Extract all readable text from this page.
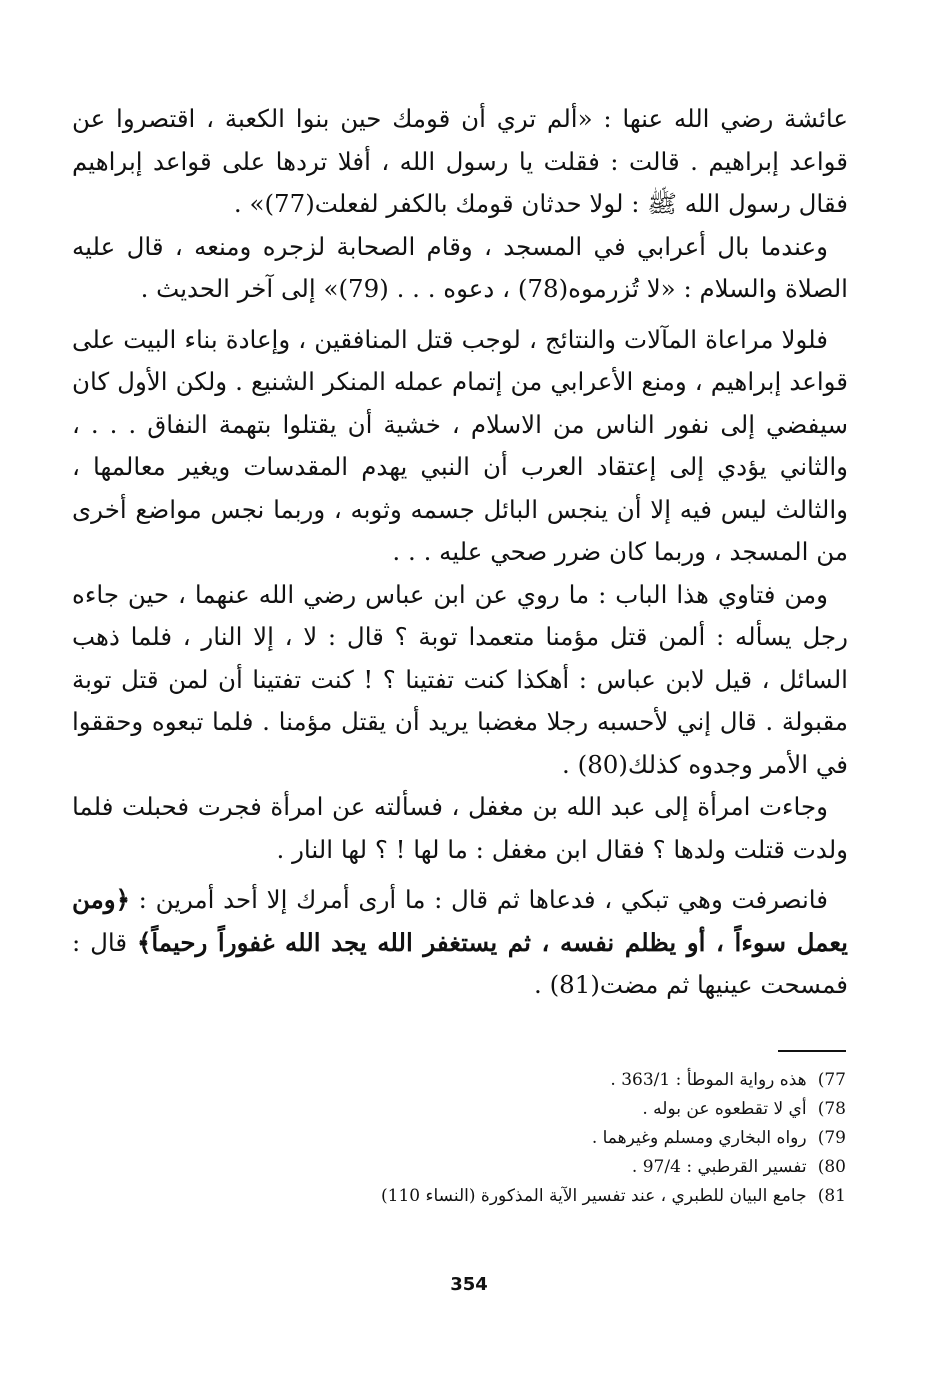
عائشة رضي الله عنها : «ألم تري أن قومك حين بنوا الكعبة ، اقتصروا عن قواعد إبراهيم . قالت : فقلت يا رسول الله ، أفلا تردها على قواعد إبراهيم فقال رسول الله ﷺ : لولا حدثان قومك بالكفر لفعلت(77)» .

وعندما بال أعرابي في المسجد ، وقام الصحابة لزجره ومنعه ، قال عليه الصلاة والسلام : «لا تُزرموه(78) ، دعوه . . . (79)» إلى آخر الحديث .

فلولا مراعاة المآلات والنتائج ، لوجب قتل المنافقين ، وإعادة بناء البيت على قواعد إبراهيم ، ومنع الأعرابي من إتمام عمله المنكر الشنيع . ولكن الأول كان سيفضي إلى نفور الناس من الاسلام ، خشية أن يقتلوا بتهمة النفاق . . . ، والثاني يؤدي إلى إعتقاد العرب أن النبي يهدم المقدسات ويغير معالمها ، والثالث ليس فيه إلا أن ينجس البائل جسمه وثوبه ، وربما نجس مواضع أخرى من المسجد ، وربما كان ضرر صحي عليه . . .

ومن فتاوي هذا الباب : ما روي عن ابن عباس رضي الله عنهما ، حين جاءه رجل يسأله : ألمن قتل مؤمنا متعمدا توبة ؟ قال : لا ، إلا النار ، فلما ذهب السائل ، قيل لابن عباس : أهكذا كنت تفتينا ؟ ! كنت تفتينا أن لمن قتل توبة مقبولة . قال إني لأحسبه رجلا مغضبا يريد أن يقتل مؤمنا . فلما تبعوه وحققوا في الأمر وجدوه كذلك(80) .

وجاءت امرأة إلى عبد الله بن مغفل ، فسألته عن امرأة فجرت فحبلت فلما ولدت قتلت ولدها ؟ فقال ابن مغفل : ما لها ! ؟ لها النار .

فانصرفت وهي تبكي ، فدعاها ثم قال : ما أرى أمرك إلا أحد أمرين : ﴿ومن يعمل سوءاً ، أو يظلم نفسه ، ثم يستغفر الله يجد الله غفوراً رحيماً﴾ قال : فمسحت عينيها ثم مضت(81) .

77) هذه رواية الموطأ : 363/1 .

78) أي لا تقطعوه عن بوله .

79) رواه البخاري ومسلم وغيرهما .

80) تفسير القرطبي : 97/4 .

81) جامع البيان للطبري ، عند تفسير الآية المذكورة (النساء 110)

354
